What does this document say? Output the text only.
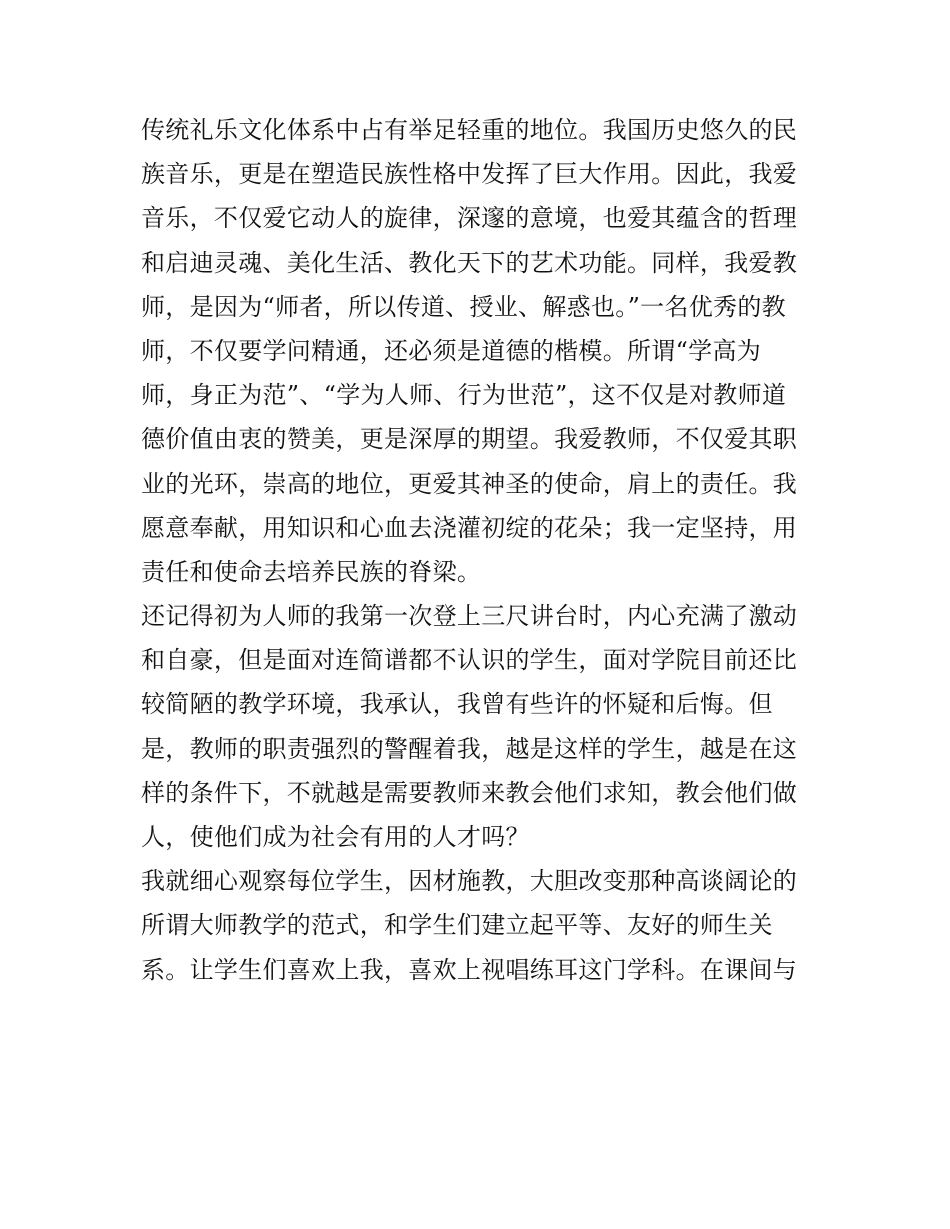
传统礼乐文化体系中占有举足轻重的地位。我国历史悠久的民
族音乐，更是在塑造民族性格中发挥了巨大作用。因此，我爱
音乐，不仅爱它动人的旋律，深邃的意境，也爱其蕴含的哲理
和启迪灵魂、美化生活、教化天下的艺术功能。同样，我爱教
师，是因为“师者，所以传道、授业、解惑也。”一名优秀的教
师，不仅要学问精通，还必须是道德的楷模。所谓“学高为
师，身正为范”、“学为人师、行为世范”，这不仅是对教师道
德价值由衷的赞美，更是深厚的期望。我爱教师，不仅爱其职
业的光环，崇高的地位，更爱其神圣的使命，肩上的责任。我
愿意奉献，用知识和心血去浇灌初绽的花朵；我一定坚持，用
责任和使命去培养民族的脊梁。
还记得初为人师的我第一次登上三尺讲台时，内心充满了激动
和自豪，但是面对连简谱都不认识的学生，面对学院目前还比
较简陋的教学环境，我承认，我曾有些许的怀疑和后悔。但
是，教师的职责强烈的警醒着我，越是这样的学生，越是在这
样的条件下，不就越是需要教师来教会他们求知，教会他们做
人，使他们成为社会有用的人才吗？
我就细心观察每位学生，因材施教，大胆改变那种高谈阔论的
所谓大师教学的范式，和学生们建立起平等、友好的师生关
系。让学生们喜欢上我，喜欢上视唱练耳这门学科。在课间与
